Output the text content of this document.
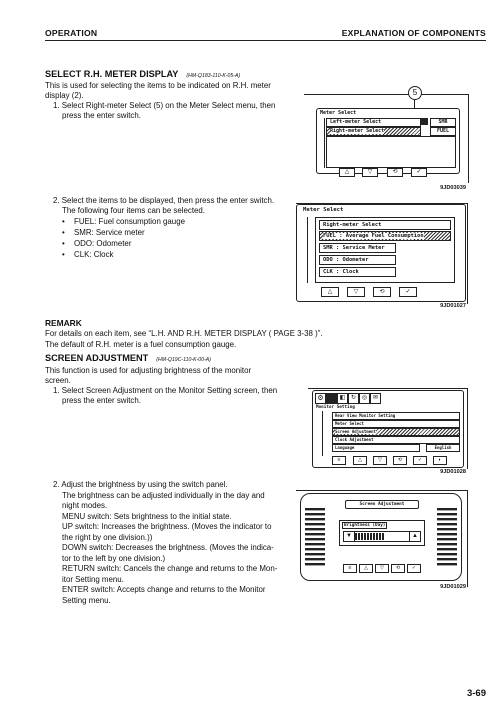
OPERATION	EXPLANATION OF COMPONENTS
SELECT R.H. METER DISPLAY (HM-Q183-110-K-05-A)
This is used for selecting the items to be indicated on R.H. meter
display (2).
1. Select Right-meter Select (5) on the Meter Select menu, then
press the enter switch.
2. Select the items to be displayed, then press the enter switch.
The following four items can be selected.
• FUEL: Fuel consumption gauge
• SMR: Service meter
• ODO: Odometer
• CLK: Clock
REMARK
For details on each item, see “L.H. AND R.H. METER DISPLAY ( PAGE 3-38 )”.
The default of R.H. meter is a fuel consumption gauge.
SCREEN ADJUSTMENT (HM-Q19C-110-K-00-A)
This function is used for adjusting brightness of the monitor
screen.
1. Select Screen Adjustment on the Monitor Setting screen, then
press the enter switch.
2. Adjust the brightness by using the switch panel.
The brightness can be adjusted individually in the day and
night modes.
MENU switch: Sets brightness to the initial state.
UP switch: Increases the brightness. (Moves the indicator to
the right by one division.))
DOWN switch: Decreases the brightness. (Moves the indica-
tor to the left by one division.)
RETURN switch: Cancels the change and returns to the Mon-
itor Setting menu.
ENTER switch: Accepts change and returns to the Monitor
Setting menu.
5
Meter Select
Left-meter Select	SMR
Right-meter Select	FUEL
△	▽	⟲	✓
9JD03039
Meter Select
Right-meter Select
FUEL : Average Fuel Consumption
SMR : Service Meter
ODO : Odometer
CLK : Clock
△	▽	⟲	✓
9JD01027
⚙	◧ ↻ ◎ ✉
Monitor Setting
Rear View Monitor Setting
Meter Select
Screen Adjustment
Clock Adjustment
Language	English
≡	△	▽	⟲	✓	◐
9JD01028
Screen Adjustment
Brightness (Day)
▼	▲
≡	△	▽	⟲	✓
9JD01029
3-69
